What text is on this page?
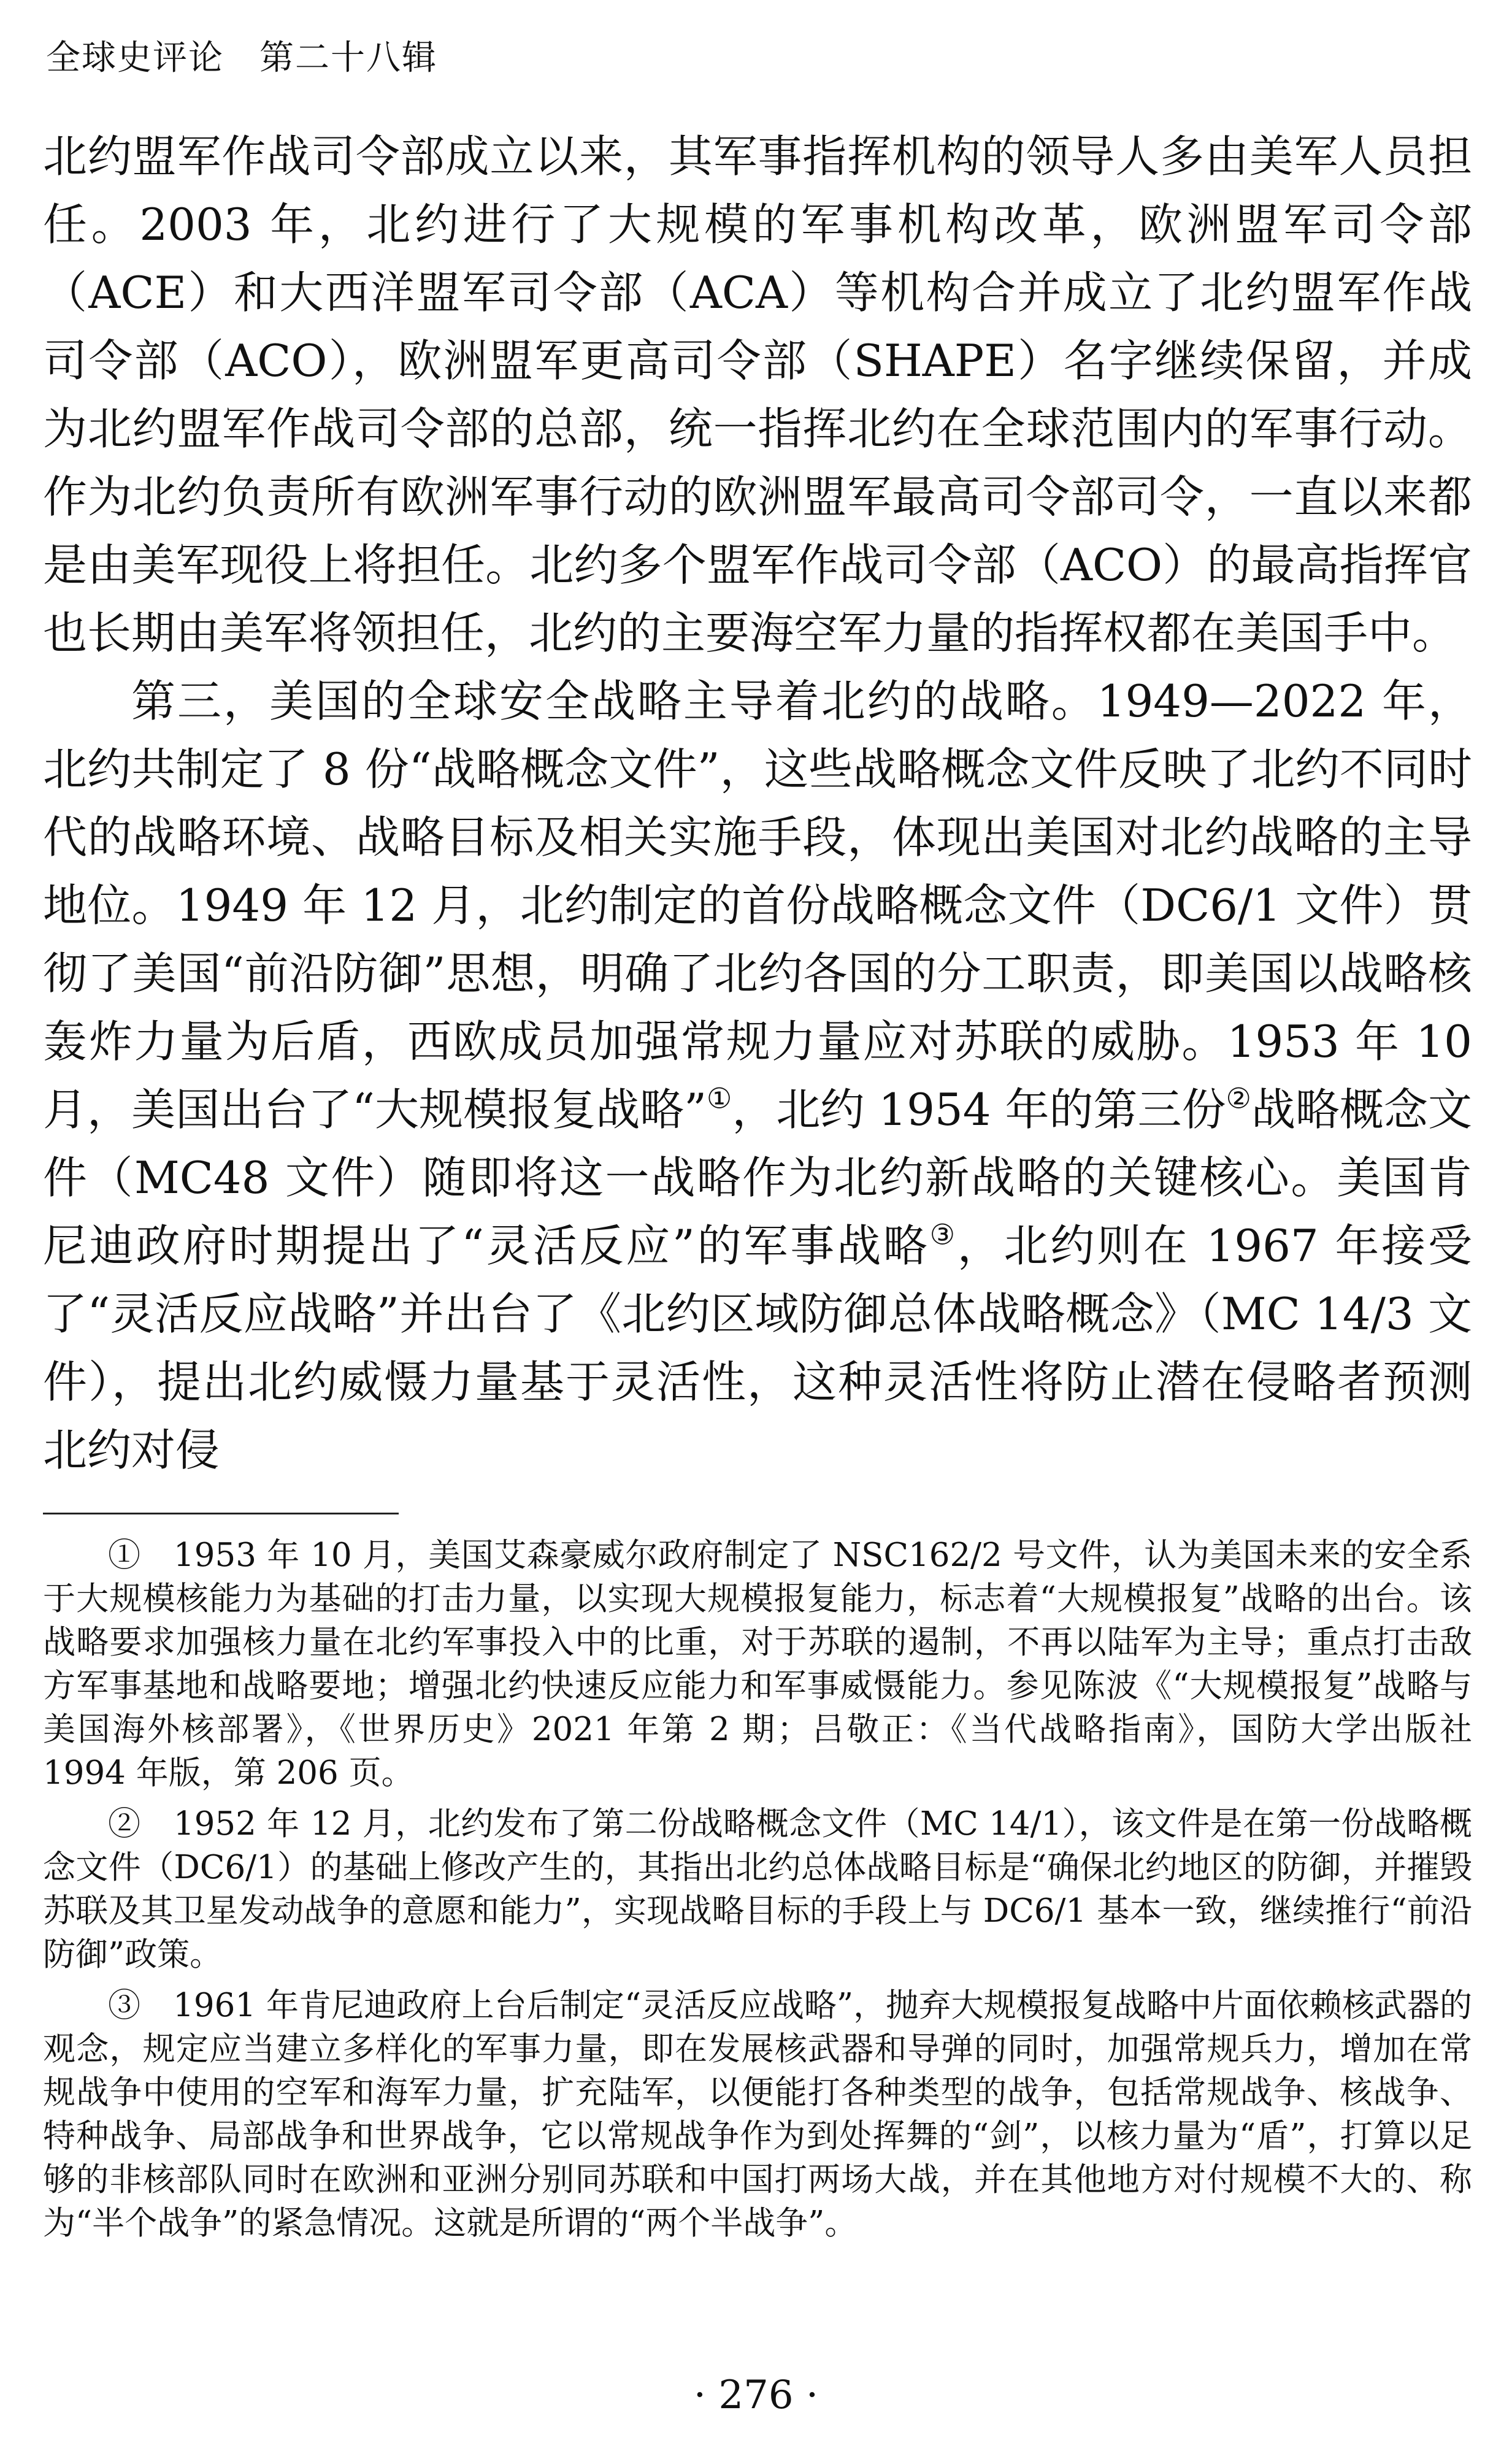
全球史评论　第二十八辑

北约盟军作战司令部成立以来，其军事指挥机构的领导人多由美军人员担任。2003 年，北约进行了大规模的军事机构改革，欧洲盟军司令部（ACE）和大西洋盟军司令部（ACA）等机构合并成立了北约盟军作战司令部（ACO），欧洲盟军更高司令部（SHAPE）名字继续保留，并成为北约盟军作战司令部的总部，统一指挥北约在全球范围内的军事行动。作为北约负责所有欧洲军事行动的欧洲盟军最高司令部司令，一直以来都是由美军现役上将担任。北约多个盟军作战司令部（ACO）的最高指挥官也长期由美军将领担任，北约的主要海空军力量的指挥权都在美国手中。

第三，美国的全球安全战略主导着北约的战略。1949—2022 年，北约共制定了 8 份“战略概念文件”，这些战略概念文件反映了北约不同时代的战略环境、战略目标及相关实施手段，体现出美国对北约战略的主导地位。1949 年 12 月，北约制定的首份战略概念文件（DC6/1 文件）贯彻了美国“前沿防御”思想，明确了北约各国的分工职责，即美国以战略核轰炸力量为后盾，西欧成员加强常规力量应对苏联的威胁。1953 年 10 月，美国出台了“大规模报复战略”①，北约 1954 年的第三份②战略概念文件（MC48 文件）随即将这一战略作为北约新战略的关键核心。美国肯尼迪政府时期提出了“灵活反应”的军事战略③，北约则在 1967 年接受了“灵活反应战略”并出台了《北约区域防御总体战略概念》（MC 14/3 文件），提出北约威慑力量基于灵活性，这种灵活性将防止潜在侵略者预测北约对侵

①　1953 年 10 月，美国艾森豪威尔政府制定了 NSC162/2 号文件，认为美国未来的安全系于大规模核能力为基础的打击力量，以实现大规模报复能力，标志着“大规模报复”战略的出台。该战略要求加强核力量在北约军事投入中的比重，对于苏联的遏制，不再以陆军为主导；重点打击敌方军事基地和战略要地；增强北约快速反应能力和军事威慑能力。参见陈波《“大规模报复”战略与美国海外核部署》，《世界历史》2021 年第 2 期；吕敬正：《当代战略指南》，国防大学出版社 1994 年版，第 206 页。

②　1952 年 12 月，北约发布了第二份战略概念文件（MC 14/1），该文件是在第一份战略概念文件（DC6/1）的基础上修改产生的，其指出北约总体战略目标是“确保北约地区的防御，并摧毁苏联及其卫星发动战争的意愿和能力”，实现战略目标的手段上与 DC6/1 基本一致，继续推行“前沿防御”政策。

③　1961 年肯尼迪政府上台后制定“灵活反应战略”，抛弃大规模报复战略中片面依赖核武器的观念，规定应当建立多样化的军事力量，即在发展核武器和导弹的同时，加强常规兵力，增加在常规战争中使用的空军和海军力量，扩充陆军，以便能打各种类型的战争，包括常规战争、核战争、特种战争、局部战争和世界战争，它以常规战争作为到处挥舞的“剑”，以核力量为“盾”，打算以足够的非核部队同时在欧洲和亚洲分别同苏联和中国打两场大战，并在其他地方对付规模不大的、称为“半个战争”的紧急情况。这就是所谓的“两个半战争”。

· 276 ·
